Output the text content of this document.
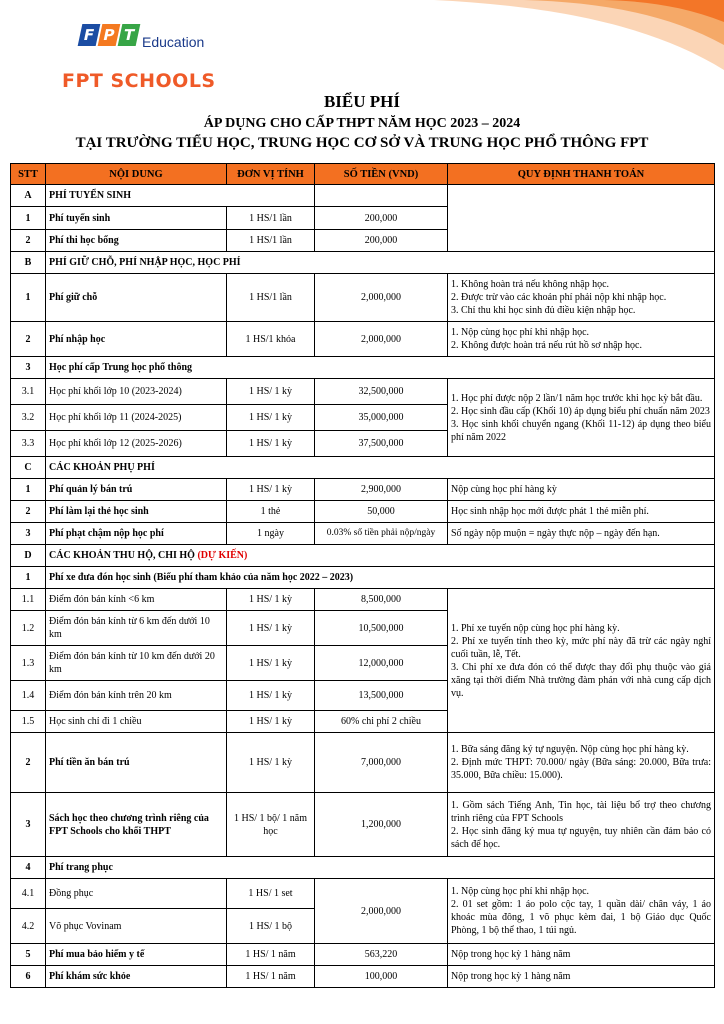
F P T Education
FPT SCHOOLS
BIỂU PHÍ
ÁP DỤNG CHO CẤP THPT NĂM HỌC 2023 – 2024
TẠI TRƯỜNG TIỂU HỌC, TRUNG HỌC CƠ SỞ VÀ TRUNG HỌC PHỔ THÔNG FPT
STT	NỘI DUNG	ĐƠN VỊ TÍNH	SỐ TIỀN (VND)	QUY ĐỊNH THANH TOÁN
A	PHÍ TUYỂN SINH			
1	Phí tuyển sinh	1 HS/1 lần	200,000	
2	Phí thi học bổng	1 HS/1 lần	200,000	
B	PHÍ GIỮ CHỖ, PHÍ NHẬP HỌC, HỌC PHÍ			
1	Phí giữ chỗ	1 HS/1 lần	2,000,000	1. Không hoàn trả nếu không nhập học.
2. Được trừ vào các khoản phí phải nộp khi nhập học.
3. Chỉ thu khi học sinh đủ điều kiện nhập học.

2	Phí nhập học	1 HS/1 khóa	2,000,000	1. Nộp cùng học phí khi nhập học.
2. Không được hoàn trả nếu rút hồ sơ nhập học.

3	Học phí cấp Trung học phổ thông			
3.1	Học phí khối lớp 10 (2023-2024)	1 HS/ 1 kỳ	32,500,000	1. Học phí được nộp 2 lần/1 năm học trước khi học kỳ bắt đầu.
2. Học sinh đầu cấp (Khối 10) áp dụng biểu phí chuẩn năm 2023
3. Học sinh khối chuyển ngang (Khối 11-12) áp dụng theo biểu phí năm 2022

3.2	Học phí khối lớp 11 (2024-2025)	1 HS/ 1 kỳ	35,000,000	
3.3	Học phí khối lớp 12 (2025-2026)	1 HS/ 1 kỳ	37,500,000	
C	CÁC KHOẢN PHỤ PHÍ			
1	Phí quản lý bán trú	1 HS/ 1 kỳ	2,900,000	Nộp cùng học phí hàng kỳ
2	Phí làm lại thẻ học sinh	1 thẻ	50,000	Học sinh nhập học mới được phát 1 thẻ miễn phí.
3	Phí phạt chậm nộp học phí	1 ngày	0.03% số tiền phải nộp/ngày	Số ngày nộp muộn = ngày thực nộp – ngày đến hạn.
D	CÁC KHOẢN THU HỘ, CHI HỘ (DỰ KIẾN)			
1	Phí xe đưa đón học sinh (Biểu phí tham khảo của năm học 2022 – 2023)			
1.1	Điểm đón bán kính <6 km	1 HS/ 1 kỳ	8,500,000	1. Phí xe tuyến nộp cùng học phí hàng kỳ.
2. Phí xe tuyến tính theo kỳ, mức phí này đã trừ các ngày nghỉ cuối tuần, lễ, Tết.
3. Chi phí xe đưa đón có thể được thay đổi phụ thuộc vào giá xăng tại thời điểm Nhà trường đàm phán với nhà cung cấp dịch vụ.

1.2	Điểm đón bán kính từ 6 km đến dưới 10 km	1 HS/ 1 kỳ	10,500,000	
1.3	Điểm đón bán kính từ 10 km đến dưới 20 km	1 HS/ 1 kỳ	12,000,000	
1.4	Điểm đón bán kính trên 20 km	1 HS/ 1 kỳ	13,500,000	
1.5	Học sinh chỉ đi 1 chiều	1 HS/ 1 kỳ	60% chi phí 2 chiều	
2	Phí tiền ăn bán trú	1 HS/ 1 kỳ	7,000,000	1. Bữa sáng đăng ký tự nguyện. Nộp cùng học phí hàng kỳ.
2. Định mức THPT: 70.000/ ngày (Bữa sáng: 20.000, Bữa trưa: 35.000, Bữa chiều: 15.000).

3	Sách học theo chương trình riêng của FPT Schools cho khối THPT	1 HS/ 1 bộ/ 1 năm học	1,200,000	1. Gồm sách Tiếng Anh, Tin học, tài liệu bổ trợ theo chương trình riêng của FPT Schools
2. Học sinh đăng ký mua tự nguyện, tuy nhiên cần đảm bảo có sách để học.

4	Phí trang phục			
4.1	Đồng phục	1 HS/ 1 set	2,000,000	1. Nộp cùng học phí khi nhập học.
2. 01 set gồm: 1 áo polo cộc tay, 1 quần dài/ chân váy, 1 áo khoác mùa đông, 1 võ phục kèm đai, 1 bộ Giáo dục Quốc Phòng, 1 bộ thể thao, 1 túi ngủ.

4.2	Võ phục Vovinam	1 HS/ 1 bộ		
5	Phí mua bảo hiểm y tế	1 HS/ 1 năm	563,220	Nộp trong học kỳ 1 hàng năm
6	Phí khám sức khỏe	1 HS/ 1 năm	100,000	Nộp trong học kỳ 1 hàng năm
